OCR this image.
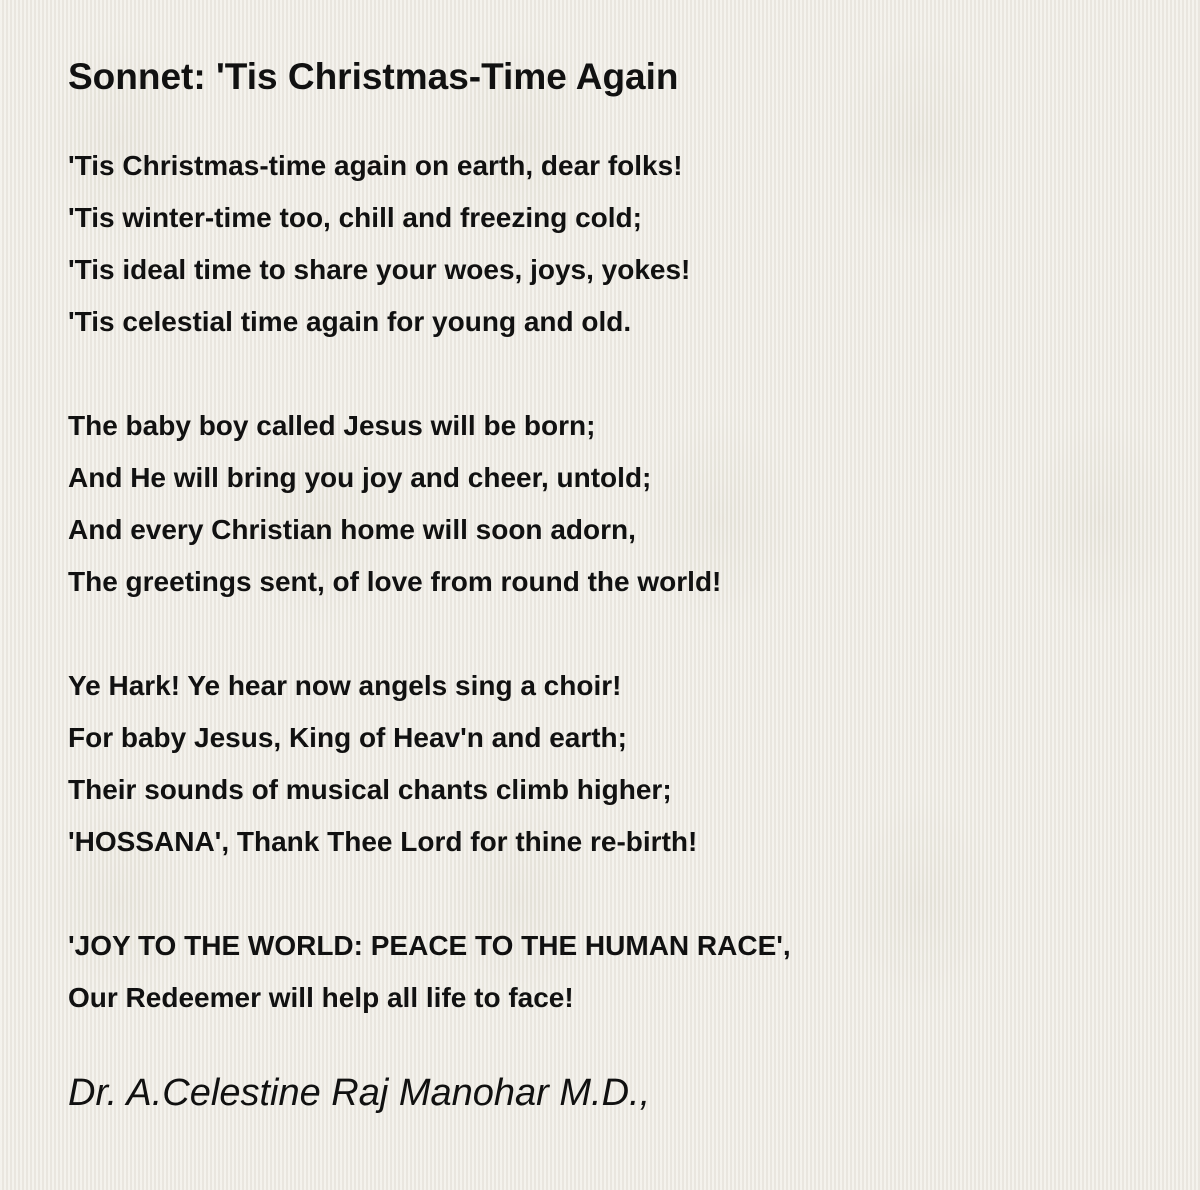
Sonnet: 'Tis Christmas-Time Again
'Tis Christmas-time again on earth, dear folks!
'Tis winter-time too, chill and freezing cold;
'Tis ideal time to share your woes, joys, yokes!
'Tis celestial time again for young and old.
The baby boy called Jesus will be born;
And He will bring you joy and cheer, untold;
And every Christian home will soon adorn,
The greetings sent, of love from round the world!
Ye Hark! Ye hear now angels sing a choir!
For baby Jesus, King of Heav'n and earth;
Their sounds of musical chants climb higher;
'HOSSANA', Thank Thee Lord for thine re-birth!
'JOY TO THE WORLD: PEACE TO THE HUMAN RACE',
Our Redeemer will help all life to face!
Dr. A.Celestine Raj Manohar M.D.,
